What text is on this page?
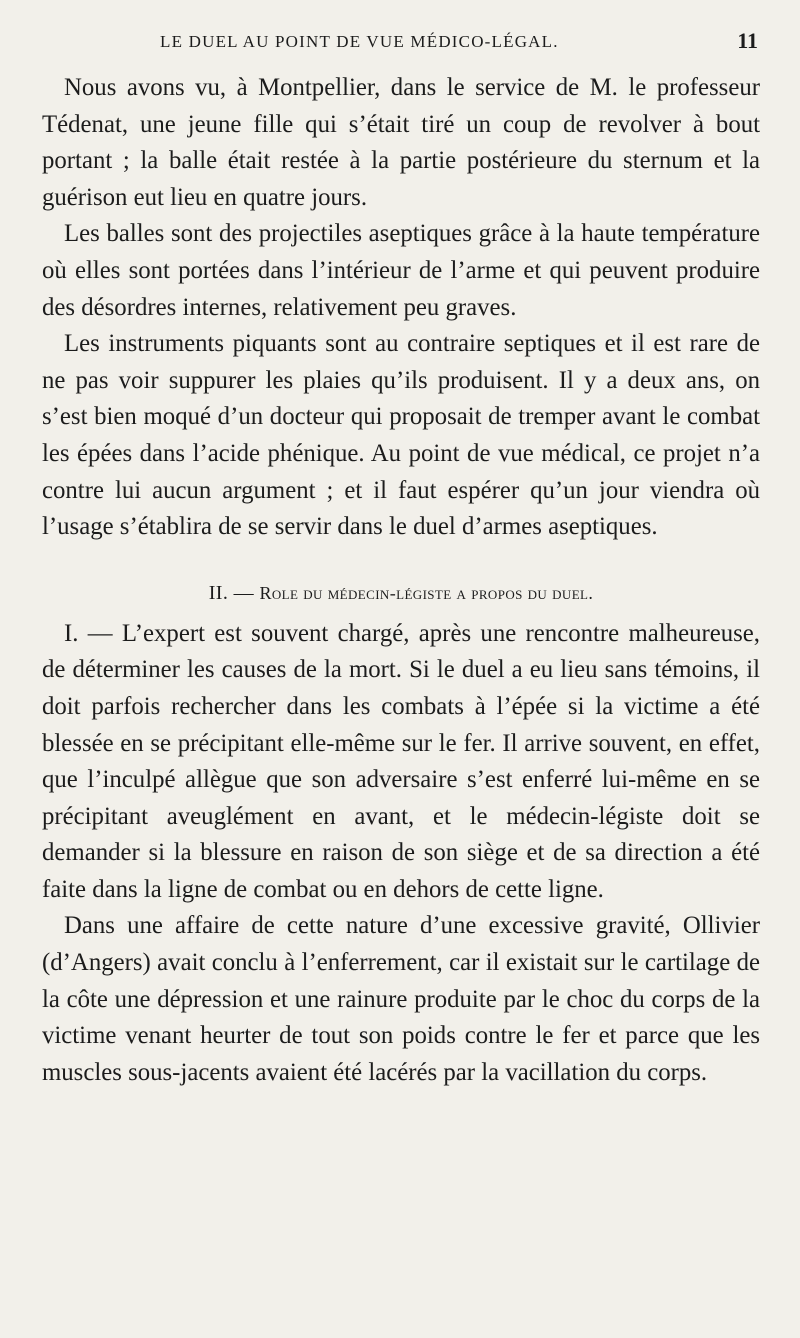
LE DUEL AU POINT DE VUE MÉDICO-LÉGAL.	11

Nous avons vu, à Montpellier, dans le service de M. le professeur Tédenat, une jeune fille qui s’était tiré un coup de revolver à bout portant ; la balle était restée à la partie postérieure du sternum et la guérison eut lieu en quatre jours.

Les balles sont des projectiles aseptiques grâce à la haute température où elles sont portées dans l’intérieur de l’arme et qui peuvent produire des désordres internes, relativement peu graves.

Les instruments piquants sont au contraire septiques et il est rare de ne pas voir suppurer les plaies qu’ils produisent. Il y a deux ans, on s’est bien moqué d’un docteur qui proposait de tremper avant le combat les épées dans l’acide phénique. Au point de vue médical, ce projet n’a contre lui aucun argument ; et il faut espérer qu’un jour viendra où l’usage s’établira de se servir dans le duel d’armes aseptiques.

II. — Role du médecin-légiste a propos du duel.

I. — L’expert est souvent chargé, après une rencontre malheureuse, de déterminer les causes de la mort. Si le duel a eu lieu sans témoins, il doit parfois rechercher dans les combats à l’épée si la victime a été blessée en se précipitant elle-même sur le fer. Il arrive souvent, en effet, que l’inculpé allègue que son adversaire s’est enferré lui-même en se précipitant aveuglément en avant, et le médecin-légiste doit se demander si la blessure en raison de son siège et de sa direction a été faite dans la ligne de combat ou en dehors de cette ligne.

Dans une affaire de cette nature d’une excessive gravité, Ollivier (d’Angers) avait conclu à l’enferrement, car il existait sur le cartilage de la côte une dépression et une rainure produite par le choc du corps de la victime venant heurter de tout son poids contre le fer et parce que les muscles sous-jacents avaient été lacérés par la vacillation du corps.
